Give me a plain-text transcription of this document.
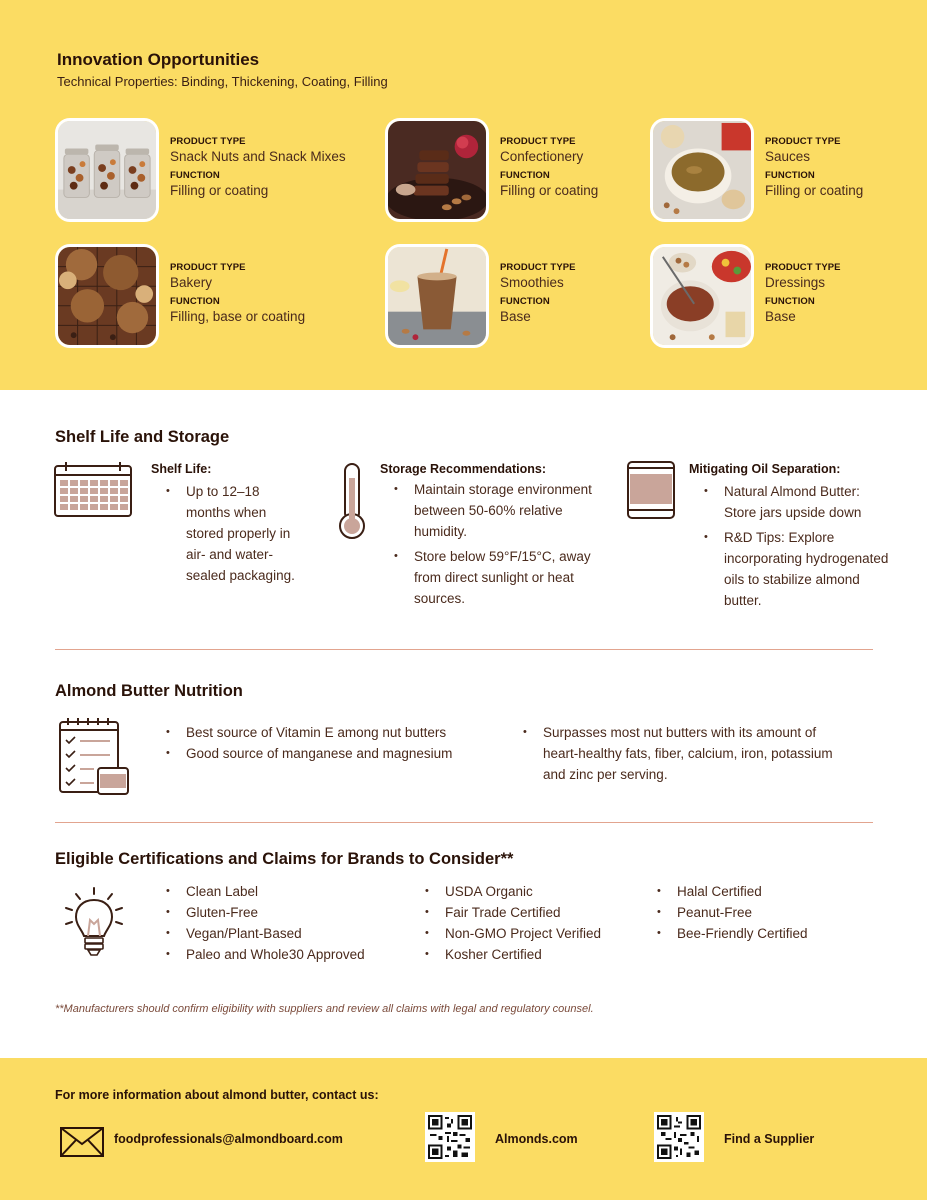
Innovation Opportunities
Technical Properties: Binding, Thickening, Coating, Filling
PRODUCT TYPE
Snack Nuts and Snack Mixes
FUNCTION
Filling or coating
PRODUCT TYPE
Confectionery
FUNCTION
Filling or coating
PRODUCT TYPE
Sauces
FUNCTION
Filling or coating
PRODUCT TYPE
Bakery
FUNCTION
Filling, base or coating
PRODUCT TYPE
Smoothies
FUNCTION
Base
PRODUCT TYPE
Dressings
FUNCTION
Base
Shelf Life and Storage
Shelf Life:
• Up to 12–18 months when stored properly in air- and water-sealed packaging.
Storage Recommendations:
• Maintain storage environment between 50-60% relative humidity.
• Store below 59°F/15°C, away from direct sunlight or heat sources.
Mitigating Oil Separation:
• Natural Almond Butter: Store jars upside down
• R&D Tips: Explore incorporating hydrogenated oils to stabilize almond butter.
Almond Butter Nutrition
• Best source of Vitamin E among nut butters
• Good source of manganese and magnesium
• Surpasses most nut butters with its amount of heart-healthy fats, fiber, calcium, iron, potassium and zinc per serving.
Eligible Certifications and Claims for Brands to Consider**
• Clean Label
• Gluten-Free
• Vegan/Plant-Based
• Paleo and Whole30 Approved
• USDA Organic
• Fair Trade Certified
• Non-GMO Project Verified
• Kosher Certified
• Halal Certified
• Peanut-Free
• Bee-Friendly Certified
**Manufacturers should confirm eligibility with suppliers and review all claims with legal and regulatory counsel.
For more information about almond butter, contact us:
foodprofessionals@almondboard.com	Almonds.com	Find a Supplier
